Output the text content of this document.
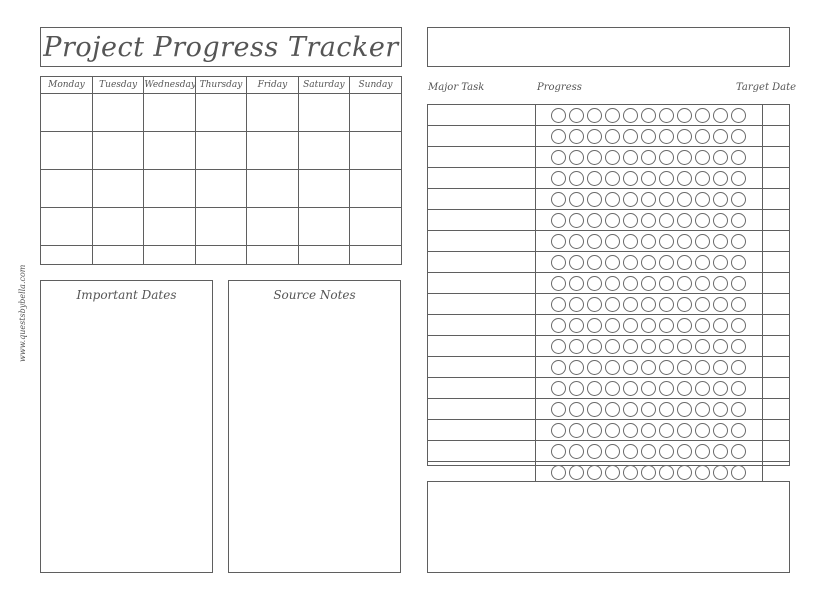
Project Progress Tracker
Monday	Tuesday	Wednesday	Thursday	Friday	Saturday	Sunday

www.questsbybella.com	Important Dates	Source Notes
Major Task	Progress	Target Date
